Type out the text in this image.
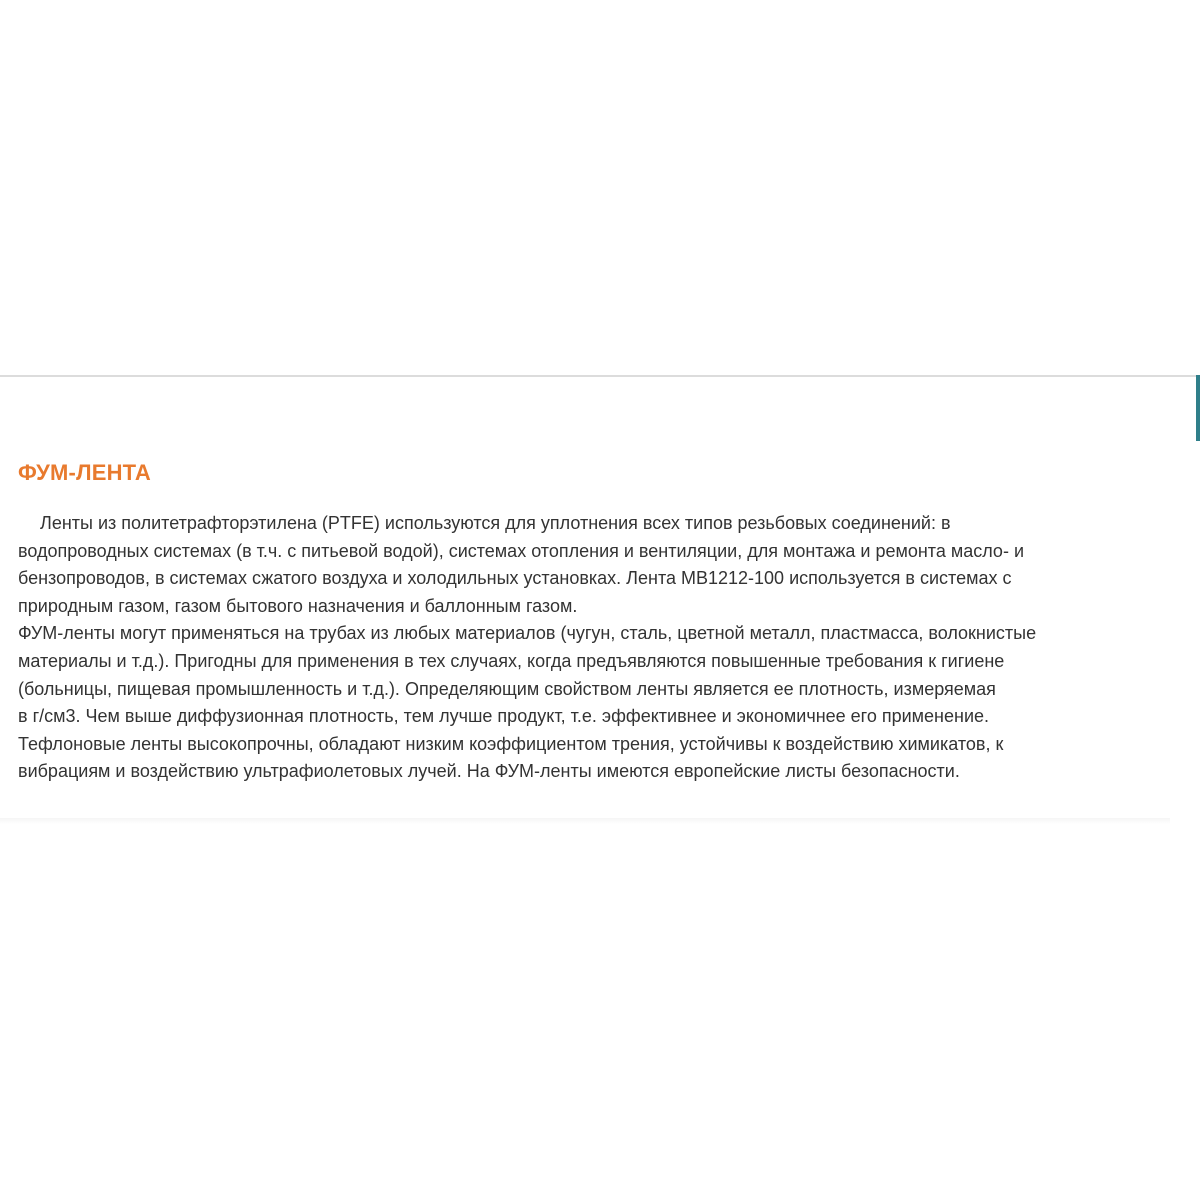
ФУМ-ЛЕНТА
Ленты из политетрафторэтилена (PTFE) используются для уплотнения всех типов резьбовых соединений: в
водопроводных системах (в т.ч. с питьевой водой), системах отопления и вентиляции, для монтажа и ремонта масло- и
бензопроводов, в системах сжатого воздуха и холодильных установках. Лента MB1212-100 используется в системах с
природным газом, газом бытового назначения и баллонным газом.
ФУМ-ленты могут применяться на трубах из любых материалов (чугун, сталь, цветной металл, пластмасса, волокнистые
материалы и т.д.). Пригодны для применения в тех случаях, когда предъявляются повышенные требования к гигиене
(больницы, пищевая промышленность и т.д.). Определяющим свойством ленты является ее плотность, измеряемая
в г/см3. Чем выше диффузионная плотность, тем лучше продукт, т.е. эффективнее и экономичнее его применение.
Тефлоновые ленты высокопрочны, обладают низким коэффициентом трения, устойчивы к воздействию химикатов, к
вибрациям и воздействию ультрафиолетовых лучей. На ФУМ-ленты имеются европейские листы безопасности.
